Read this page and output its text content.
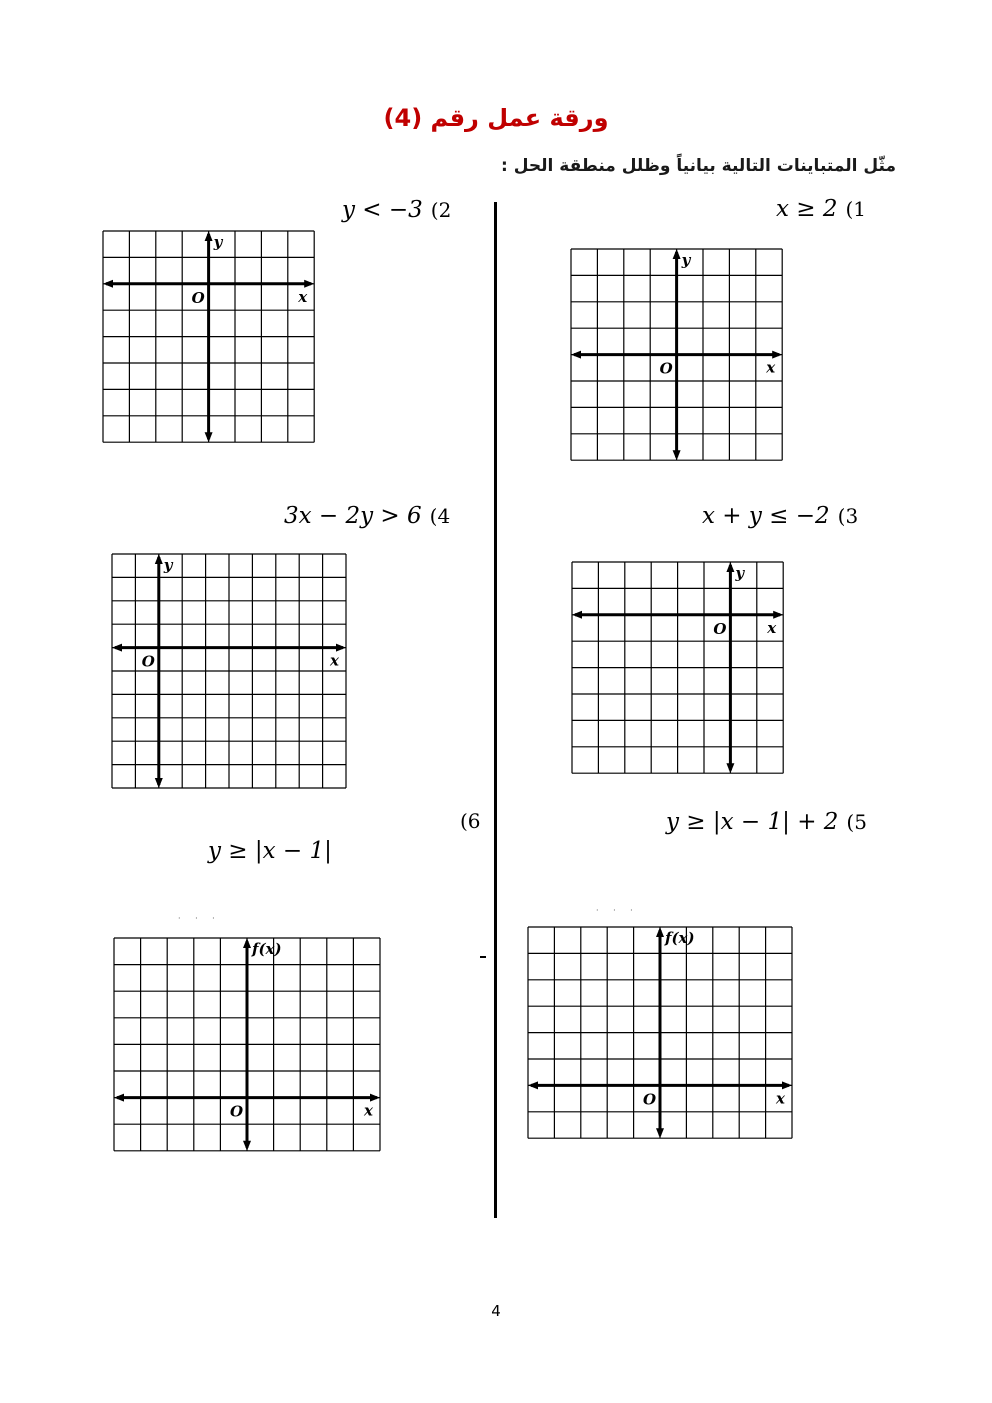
ورقة عمل رقم (4)
مثّل المتباينات التالية بيانياً وظلل منطقة الحل :
x ≥ 2 (1
y < −3 (2
x + y ≤ −2 (3
3x − 2y > 6 (4
y ≥ |x − 1| + 2 (5
(6
y ≥ |x − 1|
· · ·
· · ·
y
x
O
y
x
O
y
x
O
y
x
O
f(x)
x
O
f(x)
x
O
4
